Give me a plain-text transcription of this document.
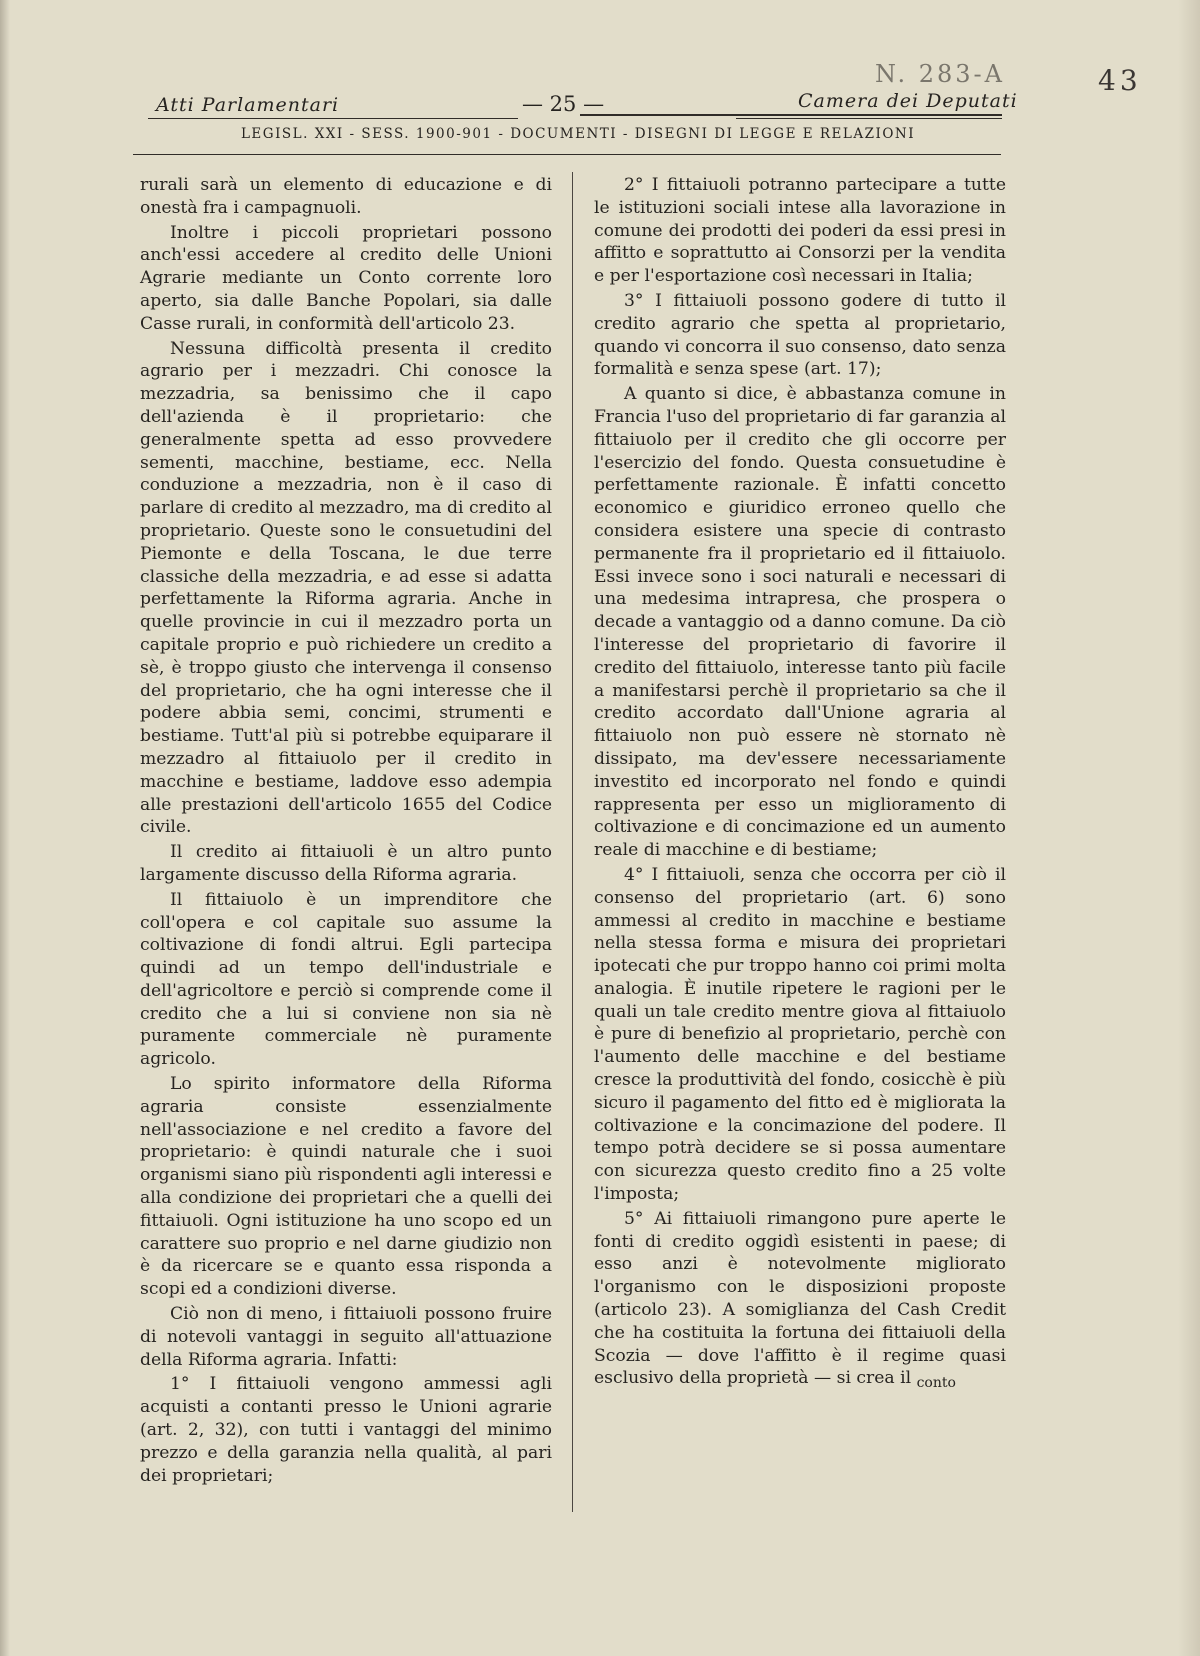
N. 283-A	43
Atti Parlamentari	— 25 —	Camera dei Deputati
LEGISL. XXI - SESS. 1900-901 - DOCUMENTI - DISEGNI DI LEGGE E RELAZIONI

rurali sarà un elemento di educazione e di onestà fra i campagnuoli.

Inoltre i piccoli proprietari possono anch'essi accedere al credito delle Unioni Agrarie mediante un Conto corrente loro aperto, sia dalle Banche Popolari, sia dalle Casse rurali, in conformità dell'articolo 23.

Nessuna difficoltà presenta il credito agrario per i mezzadri. Chi conosce la mezzadria, sa benissimo che il capo dell'azienda è il proprietario: che generalmente spetta ad esso provvedere sementi, macchine, bestiame, ecc. Nella conduzione a mezzadria, non è il caso di parlare di credito al mezzadro, ma di credito al proprietario. Queste sono le consuetudini del Piemonte e della Toscana, le due terre classiche della mezzadria, e ad esse si adatta perfettamente la Riforma agraria. Anche in quelle provincie in cui il mezzadro porta un capitale proprio e può richiedere un credito a sè, è troppo giusto che intervenga il consenso del proprietario, che ha ogni interesse che il podere abbia semi, concimi, strumenti e bestiame. Tutt'al più si potrebbe equiparare il mezzadro al fittaiuolo per il credito in macchine e bestiame, laddove esso adempia alle prestazioni dell'articolo 1655 del Codice civile.

Il credito ai fittaiuoli è un altro punto largamente discusso della Riforma agraria.

Il fittaiuolo è un imprenditore che coll'opera e col capitale suo assume la coltivazione di fondi altrui. Egli partecipa quindi ad un tempo dell'industriale e dell'agricoltore e perciò si comprende come il credito che a lui si conviene non sia nè puramente commerciale nè puramente agricolo.

Lo spirito informatore della Riforma agraria consiste essenzialmente nell'associazione e nel credito a favore del proprietario: è quindi naturale che i suoi organismi siano più rispondenti agli interessi e alla condizione dei proprietari che a quelli dei fittaiuoli. Ogni istituzione ha uno scopo ed un carattere suo proprio e nel darne giudizio non è da ricercare se e quanto essa risponda a scopi ed a condizioni diverse.

Ciò non di meno, i fittaiuoli possono fruire di notevoli vantaggi in seguito all'attuazione della Riforma agraria. Infatti:

1° I fittaiuoli vengono ammessi agli acquisti a contanti presso le Unioni agrarie (art. 2, 32), con tutti i vantaggi del minimo prezzo e della garanzia nella qualità, al pari dei proprietari;

2° I fittaiuoli potranno partecipare a tutte le istituzioni sociali intese alla lavorazione in comune dei prodotti dei poderi da essi presi in affitto e soprattutto ai Consorzi per la vendita e per l'esportazione così necessari in Italia;

3° I fittaiuoli possono godere di tutto il credito agrario che spetta al proprietario, quando vi concorra il suo consenso, dato senza formalità e senza spese (art. 17);

A quanto si dice, è abbastanza comune in Francia l'uso del proprietario di far garanzia al fittaiuolo per il credito che gli occorre per l'esercizio del fondo. Questa consuetudine è perfettamente razionale. È infatti concetto economico e giuridico erroneo quello che considera esistere una specie di contrasto permanente fra il proprietario ed il fittaiuolo. Essi invece sono i soci naturali e necessari di una medesima intrapresa, che prospera o decade a vantaggio od a danno comune. Da ciò l'interesse del proprietario di favorire il credito del fittaiuolo, interesse tanto più facile a manifestarsi perchè il proprietario sa che il credito accordato dall'Unione agraria al fittaiuolo non può essere nè stornato nè dissipato, ma dev'essere necessariamente investito ed incorporato nel fondo e quindi rappresenta per esso un miglioramento di coltivazione e di concimazione ed un aumento reale di macchine e di bestiame;

4° I fittaiuoli, senza che occorra per ciò il consenso del proprietario (art. 6) sono ammessi al credito in macchine e bestiame nella stessa forma e misura dei proprietari ipotecati che pur troppo hanno coi primi molta analogia. È inutile ripetere le ragioni per le quali un tale credito mentre giova al fittaiuolo è pure di benefizio al proprietario, perchè con l'aumento delle macchine e del bestiame cresce la produttività del fondo, cosicchè è più sicuro il pagamento del fitto ed è migliorata la coltivazione e la concimazione del podere. Il tempo potrà decidere se si possa aumentare con sicurezza questo credito fino a 25 volte l'imposta;

5° Ai fittaiuoli rimangono pure aperte le fonti di credito oggidì esistenti in paese; di esso anzi è notevolmente migliorato l'organismo con le disposizioni proposte (articolo 23). A somiglianza del Cash Credit che ha costituita la fortuna dei fittaiuoli della Scozia — dove l'affitto è il regime quasi esclusivo della proprietà — si crea il $_{conto}$
